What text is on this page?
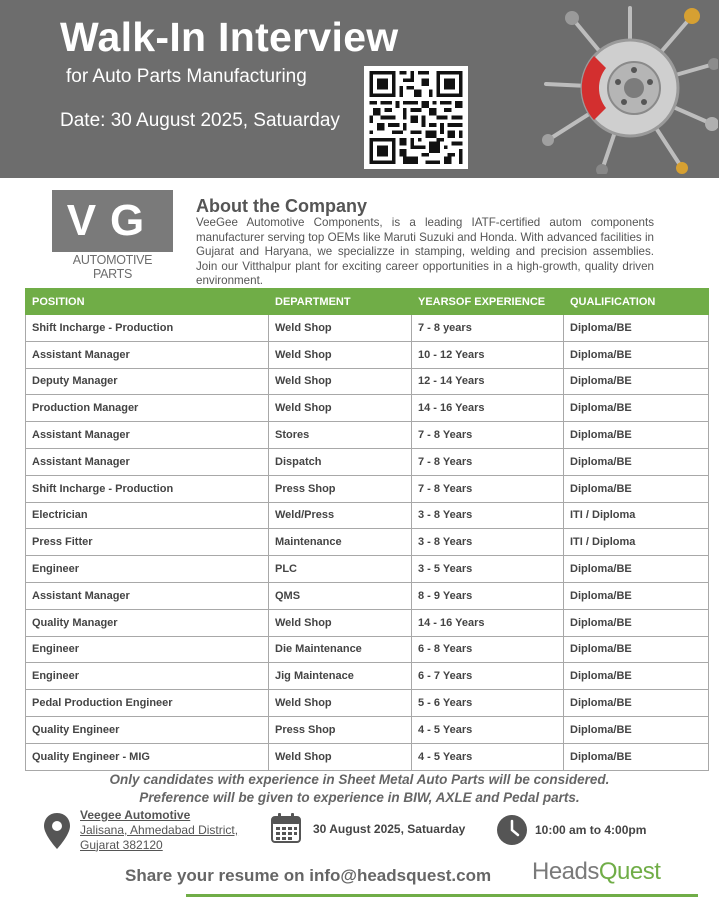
Walk-In Interview
for Auto Parts Manufacturing
Date: 30 August 2025, Satuarday
VG
AUTOMOTIVE PARTS
About the Company
VeeGee Automotive Components, is a leading IATF-certified autom components manufacturer serving top OEMs like Maruti Suzuki and Honda. With advanced facilities in Gujarat and Haryana, we specializze in stamping, welding and precision assemblies. Join our Vitthalpur plant for exciting career opportunities in a high-growth, quality driven environment.
POSITION	DEPARTMENT	YEARSOF EXPERIENCE	QUALIFICATION
Shift Incharge - Production	Weld Shop	7 - 8 years	Diploma/BE
Assistant Manager	Weld Shop	10 - 12 Years	Diploma/BE
Deputy Manager	Weld Shop	12 - 14 Years	Diploma/BE
Production Manager	Weld Shop	14 - 16 Years	Diploma/BE
Assistant Manager	Stores	7 - 8 Years	Diploma/BE
Assistant Manager	Dispatch	7 - 8 Years	Diploma/BE
Shift Incharge - Production	Press Shop	7 - 8 Years	Diploma/BE
Electrician	Weld/Press	3 - 8 Years	ITI / Diploma
Press Fitter	Maintenance	3 - 8 Years	ITI / Diploma
Engineer	PLC	3 - 5 Years	Diploma/BE
Assistant Manager	QMS	8 - 9 Years	Diploma/BE
Quality Manager	Weld Shop	14 - 16 Years	Diploma/BE
Engineer	Die Maintenance	6 - 8 Years	Diploma/BE
Engineer	Jig Maintenace	6 - 7 Years	Diploma/BE
Pedal Production Engineer	Weld Shop	5 - 6 Years	Diploma/BE
Quality Engineer	Press Shop	4 - 5 Years	Diploma/BE
Quality Engineer - MIG	Weld Shop	4 - 5 Years	Diploma/BE
Only candidates with experience in Sheet Metal Auto Parts will be considered.
Preference will be given to experience in BIW, AXLE and Pedal parts.
Veegee Automotive
Jalisana, Ahmedabad District, Gujarat 382120
30 August 2025, Satuarday	10:00 am to 4:00pm
Share your resume on info@headsquest.com HeadsQuest
